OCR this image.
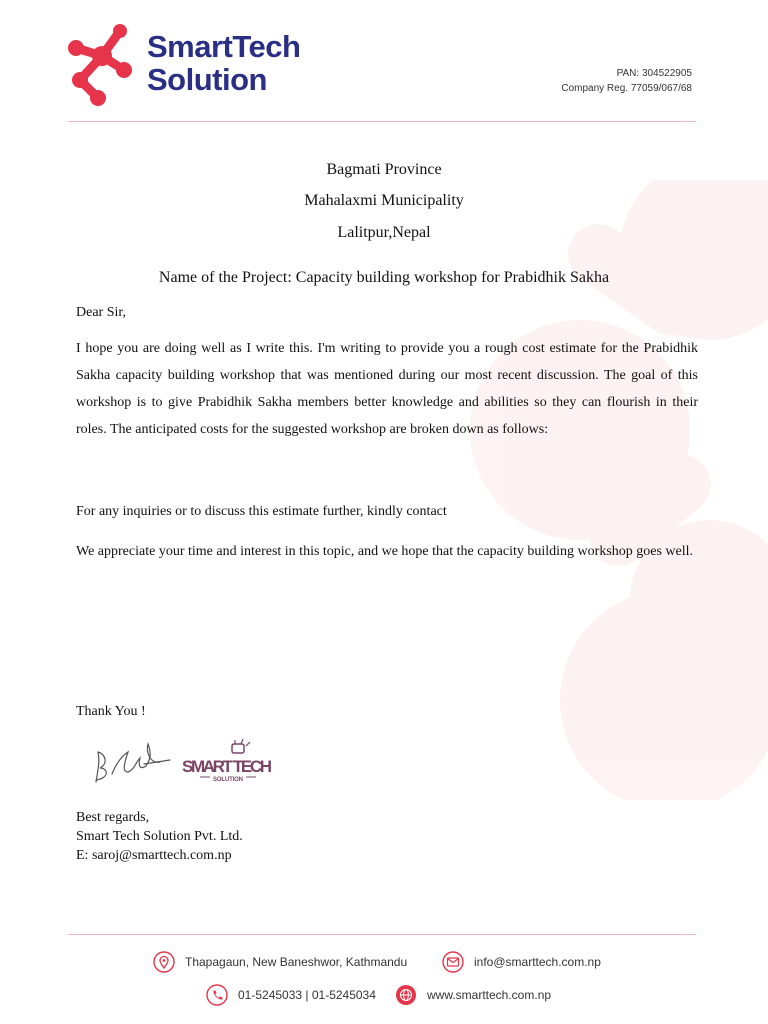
SmartTech
Solution	PAN: 304522905
Company Reg. 77059/067/68
Bagmati Province
Mahalaxmi Municipality
Lalitpur,Nepal
Name of the Project: Capacity building workshop for Prabidhik Sakha
Dear Sir,
I hope you are doing well as I write this. I'm writing to provide you a rough cost estimate for the Prabidhik Sakha capacity building workshop that was mentioned during our most recent discussion. The goal of this workshop is to give Prabidhik Sakha members better knowledge and abilities so they can flourish in their roles. The anticipated costs for the suggested workshop are broken down as follows:
For any inquiries or to discuss this estimate further, kindly contact
We appreciate your time and interest in this topic, and we hope that the capacity building workshop goes well.
Thank You !
SMART TECH
SOLUTION
Best regards,
Smart Tech Solution Pvt. Ltd.
E: saroj@smarttech.com.np
Thapagaun, New Baneshwor, Kathmandu	info@smarttech.com.np
01-5245033 | 01-5245034	www.smarttech.com.np
